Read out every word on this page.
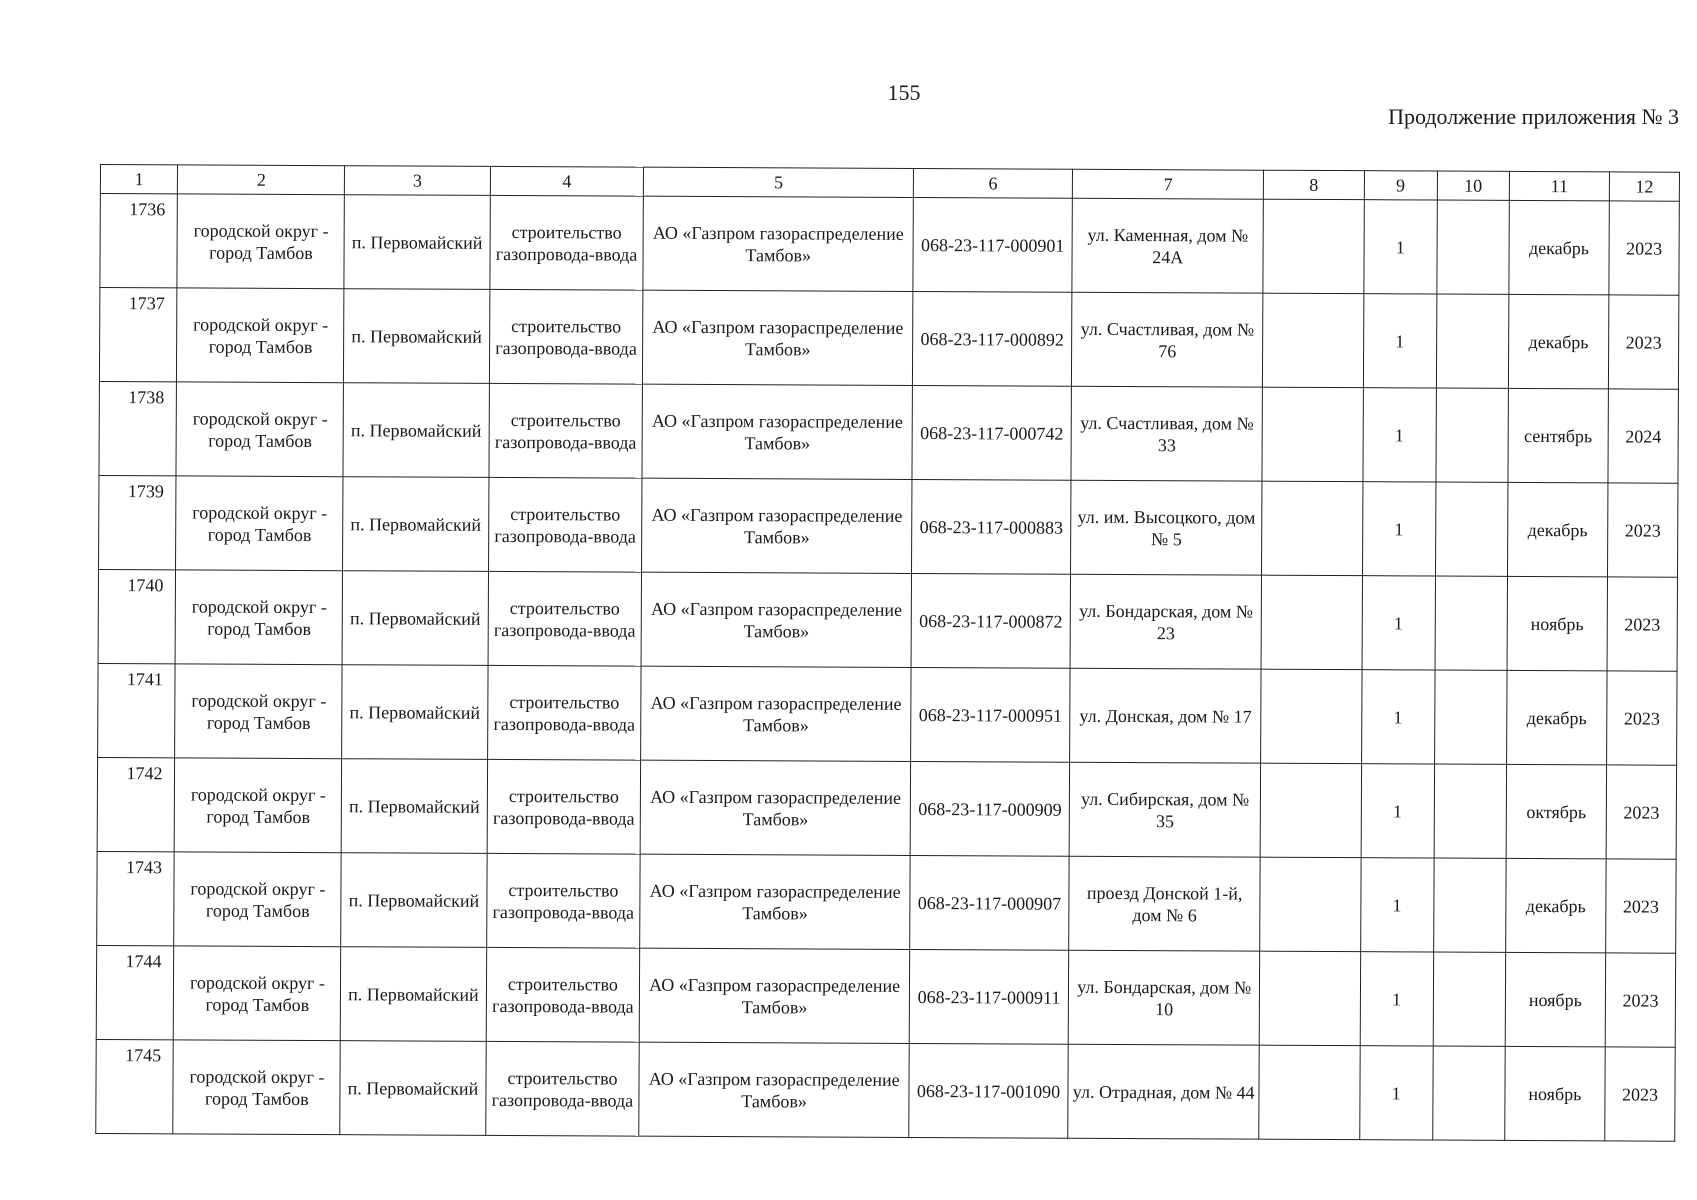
155
Продолжение приложения № 3
1	2	3	4	5	6	7	8	9	10	11	12
1736	городской округ - город Тамбов	п. Первомайский	строительство газопровода-ввода	АО «Газпром газораспределение Тамбов»	068-23-117-000901	ул. Каменная, дом № 24А		1		декабрь	2023
1737	городской округ - город Тамбов	п. Первомайский	строительство газопровода-ввода	АО «Газпром газораспределение Тамбов»	068-23-117-000892	ул. Счастливая, дом № 76		1		декабрь	2023
1738	городской округ - город Тамбов	п. Первомайский	строительство газопровода-ввода	АО «Газпром газораспределение Тамбов»	068-23-117-000742	ул. Счастливая, дом № 33		1		сентябрь	2024
1739	городской округ - город Тамбов	п. Первомайский	строительство газопровода-ввода	АО «Газпром газораспределение Тамбов»	068-23-117-000883	ул. им. Высоцкого, дом № 5		1		декабрь	2023
1740	городской округ - город Тамбов	п. Первомайский	строительство газопровода-ввода	АО «Газпром газораспределение Тамбов»	068-23-117-000872	ул. Бондарская, дом № 23		1		ноябрь	2023
1741	городской округ - город Тамбов	п. Первомайский	строительство газопровода-ввода	АО «Газпром газораспределение Тамбов»	068-23-117-000951	ул. Донская, дом № 17		1		декабрь	2023
1742	городской округ - город Тамбов	п. Первомайский	строительство газопровода-ввода	АО «Газпром газораспределение Тамбов»	068-23-117-000909	ул. Сибирская, дом № 35		1		октябрь	2023
1743	городской округ - город Тамбов	п. Первомайский	строительство газопровода-ввода	АО «Газпром газораспределение Тамбов»	068-23-117-000907	проезд Донской 1-й, дом № 6		1		декабрь	2023
1744	городской округ - город Тамбов	п. Первомайский	строительство газопровода-ввода	АО «Газпром газораспределение Тамбов»	068-23-117-000911	ул. Бондарская, дом № 10		1		ноябрь	2023
1745	городской округ - город Тамбов	п. Первомайский	строительство газопровода-ввода	АО «Газпром газораспределение Тамбов»	068-23-117-001090	ул. Отрадная, дом № 44		1		ноябрь	2023
